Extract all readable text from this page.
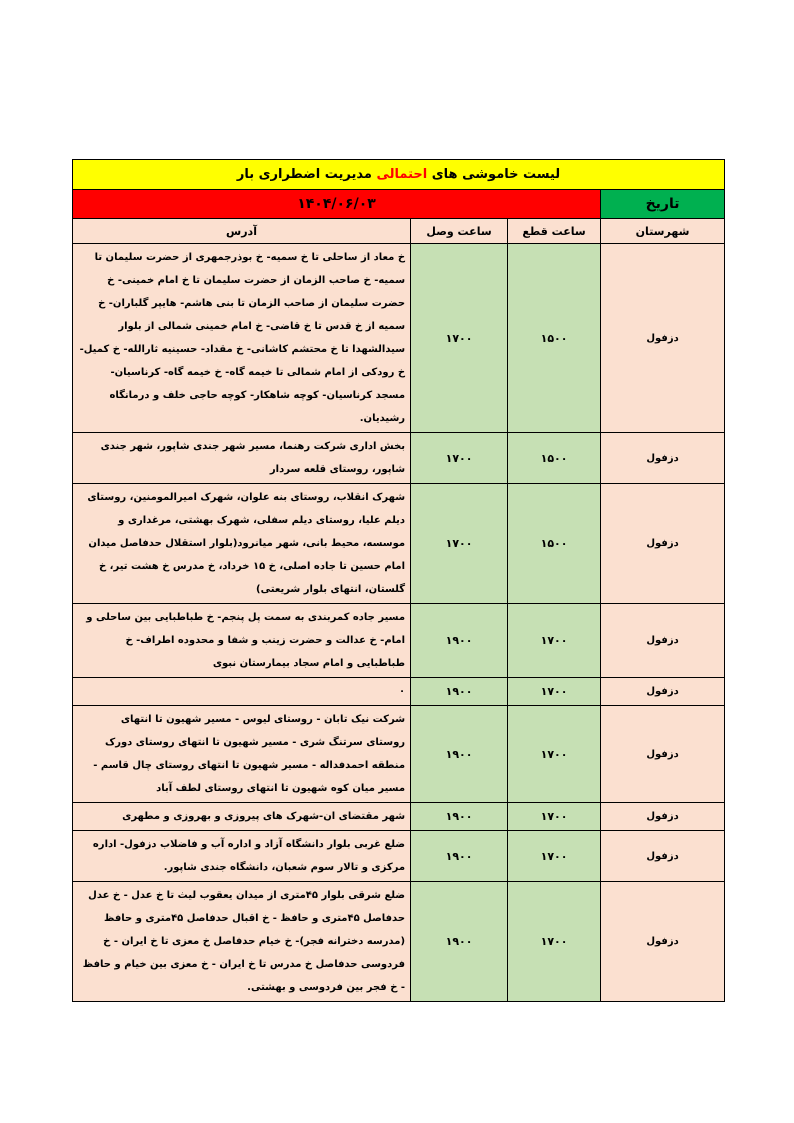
لیست خاموشی های احتمالی مدیریت اضطراری بار			
تاریخ	۱۴۰۴/۰۶/۰۳		
شهرستان	ساعت قطع	ساعت وصل	آدرس
دزفول	۱۵۰۰	۱۷۰۰	خ معاد از ساحلی تا خ سمیه- خ بوذرجمهری از حضرت سلیمان تا سمیه- خ صاحب الزمان از حضرت سلیمان تا خ امام خمینی- خ حضرت سلیمان از صاحب الزمان تا بنی هاشم- هایپر گلباران- خ سمیه از خ قدس تا خ قاضی- خ امام خمینی شمالی از بلوار سیدالشهدا تا خ محتشم کاشانی- خ مقداد- حسینیه ثارالله- خ کمیل- خ رودکی از امام شمالی تا خیمه گاه- خ خیمه گاه- کرناسیان- مسجد کرناسیان- کوچه شاهکار- کوچه حاجی خلف و درمانگاه رشیدیان.
دزفول	۱۵۰۰	۱۷۰۰	بخش اداری شرکت رهنما، مسیر شهر جندی شاپور، شهر جندی شاپور، روستای قلعه سردار
دزفول	۱۵۰۰	۱۷۰۰	شهرک انقلاب، روستای بنه علوان، شهرک امیرالمومنین، روستای دیلم علیا، روستای دیلم سفلی، شهرک بهشتی، مرغداری و موسسه، محیط بانی، شهر میانرود(بلوار استقلال حدفاصل میدان امام حسین تا جاده اصلی، خ ۱۵ خرداد، خ مدرس خ هشت تیر، خ گلستان، انتهای بلوار شریعتی)
دزفول	۱۷۰۰	۱۹۰۰	مسیر جاده کمربندی به سمت پل پنجم- خ طباطبایی بین ساحلی و امام- خ عدالت و حضرت زینب و شفا و محدوده اطراف- خ طباطبایی و امام سجاد بیمارستان نبوی
دزفول	۱۷۰۰	۱۹۰۰	۰
دزفول	۱۷۰۰	۱۹۰۰	شرکت نیک تابان - روستای لیوس - مسیر شهیون تا انتهای روستای سرتنگ شری - مسیر شهیون تا انتهای روستای دورک منطقه احمدفداله - مسیر شهیون تا انتهای روستای چال قاسم - مسیر میان کوه شهیون تا انتهای روستای لطف آباد
دزفول	۱۷۰۰	۱۹۰۰	شهر مقتضای ان-شهرک های پیروزی و بهروزی و مطهری
دزفول	۱۷۰۰	۱۹۰۰	ضلع غربی بلوار دانشگاه آزاد و اداره آب و فاضلاب دزفول- اداره مرکزی و تالار سوم شعبان، دانشگاه جندی شاپور.
دزفول	۱۷۰۰	۱۹۰۰	ضلع شرقی بلوار ۴۵متری از میدان یعقوب لیث تا خ عدل - خ عدل حدفاصل ۴۵متری و حافظ - خ اقبال حدفاصل ۴۵متری و حافظ (مدرسه دخترانه فجر)- خ خیام حدفاصل خ معزی تا خ ایران - خ فردوسی حدفاصل خ مدرس تا خ ایران - خ معزی بین خیام و حافظ - خ فجر بین فردوسی و بهشتی.
